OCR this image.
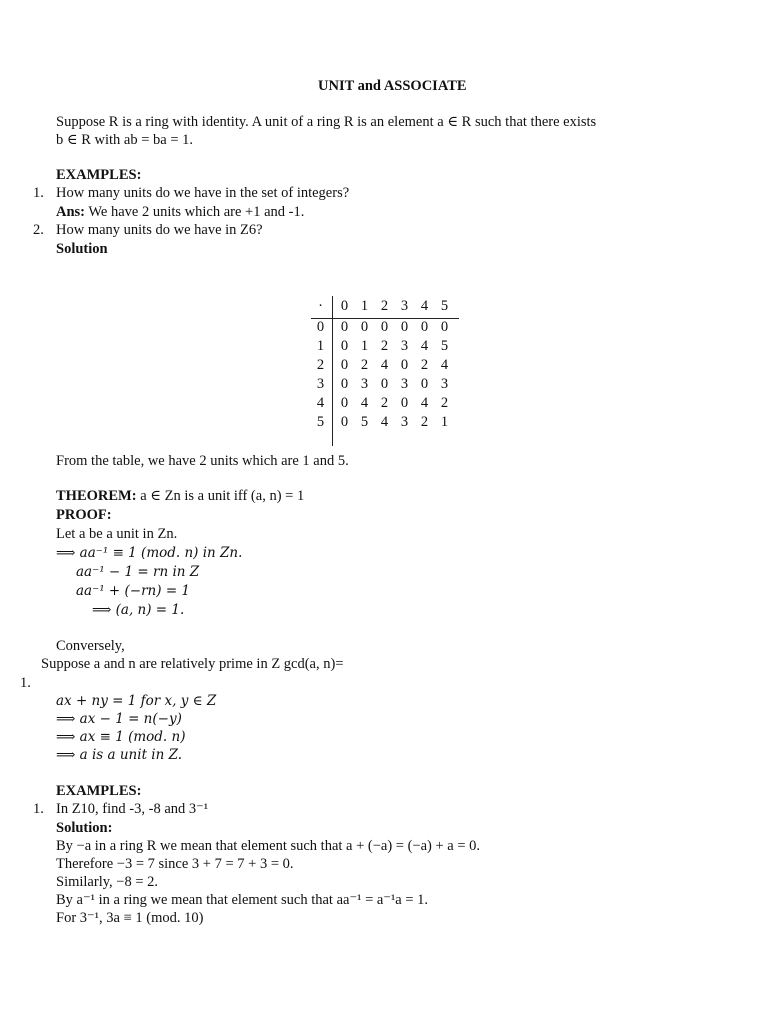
UNIT and ASSOCIATE
Suppose R is a ring with identity. A unit of a ring R is an element a ∈ R such that there exists
b ∈ R with ab = ba = 1.
EXAMPLES:
1. How many units do we have in the set of integers?
Ans: We have 2 units which are +1 and -1.
2. How many units do we have in Z6?
Solution
·	0 1 2 3 4 5
0	0 0 0 0 0 0
1	0 1 2 3 4 5
2	0 2 4 0 2 4
3	0 3 0 3 0 3
4	0 4 2 0 4 2
5	0 5 4 3 2 1
From the table, we have 2 units which are 1 and 5.
THEOREM: a ∈ Zn is a unit iff (a, n) = 1
PROOF:
Let a be a unit in Zn.
⟹ aa⁻¹ ≡ 1 (mod. n) in Zn.
aa⁻¹ − 1 = rn in Z
aa⁻¹ + (−rn) = 1
⟹ (a, n) = 1.
Conversely,
Suppose a and n are relatively prime in Z gcd(a, n)=
1.
ax + ny = 1 for x, y ∈ Z
⟹ ax − 1 = n(−y)
⟹ ax ≡ 1 (mod. n)
⟹ a is a unit in Z.
EXAMPLES:
1. In Z10, find -3, -8 and 3⁻¹
Solution:
By −a in a ring R we mean that element such that a + (−a) = (−a) + a = 0.
Therefore −3 = 7 since 3 + 7 = 7 + 3 = 0.
Similarly, −8 = 2.
By a⁻¹ in a ring we mean that element such that aa⁻¹ = a⁻¹a = 1.
For 3⁻¹, 3a ≡ 1 (mod. 10)
